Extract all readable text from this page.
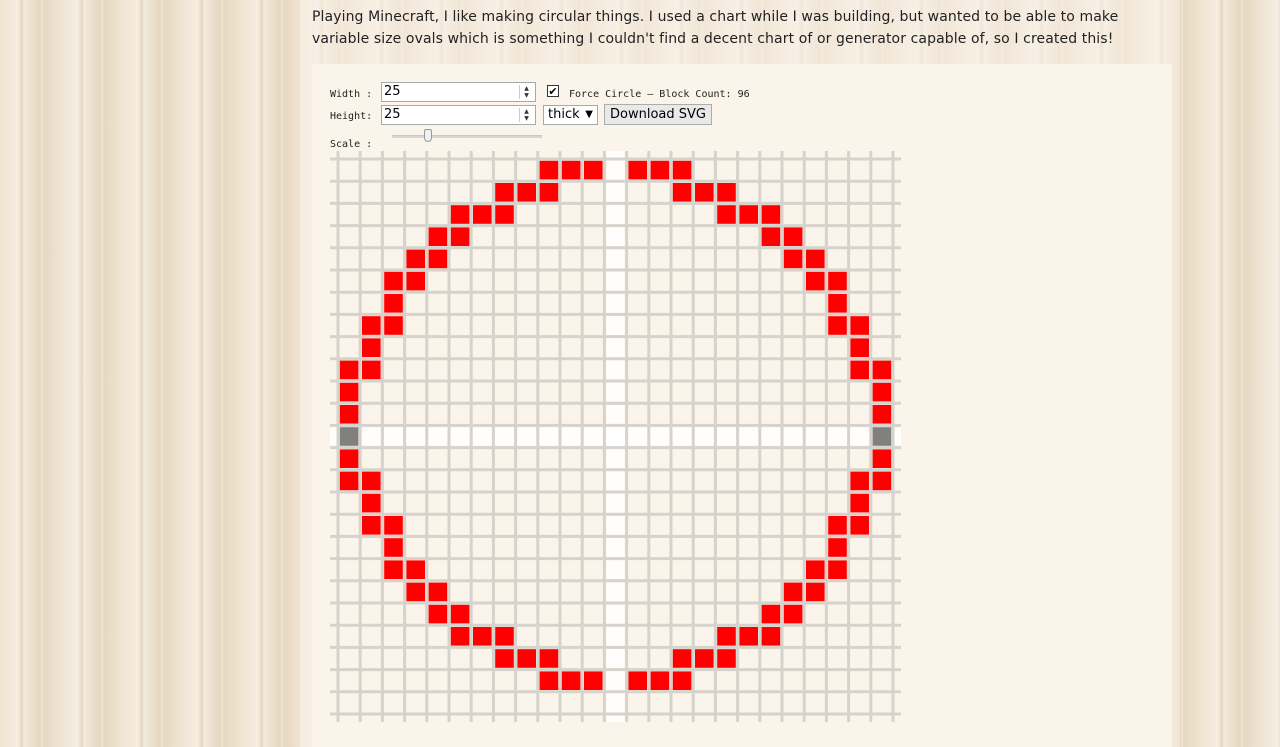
Playing Minecraft, I like making circular things. I used a chart while I was building, but wanted to be able to make
variable size ovals which is something I couldn't find a decent chart of or generator capable of, so I created this!
Width : 25	▲
▼	✔ Force Circle — Block Count: 96
Height: 25	▲
▼	thick ▼	Download SVG
Scale :
